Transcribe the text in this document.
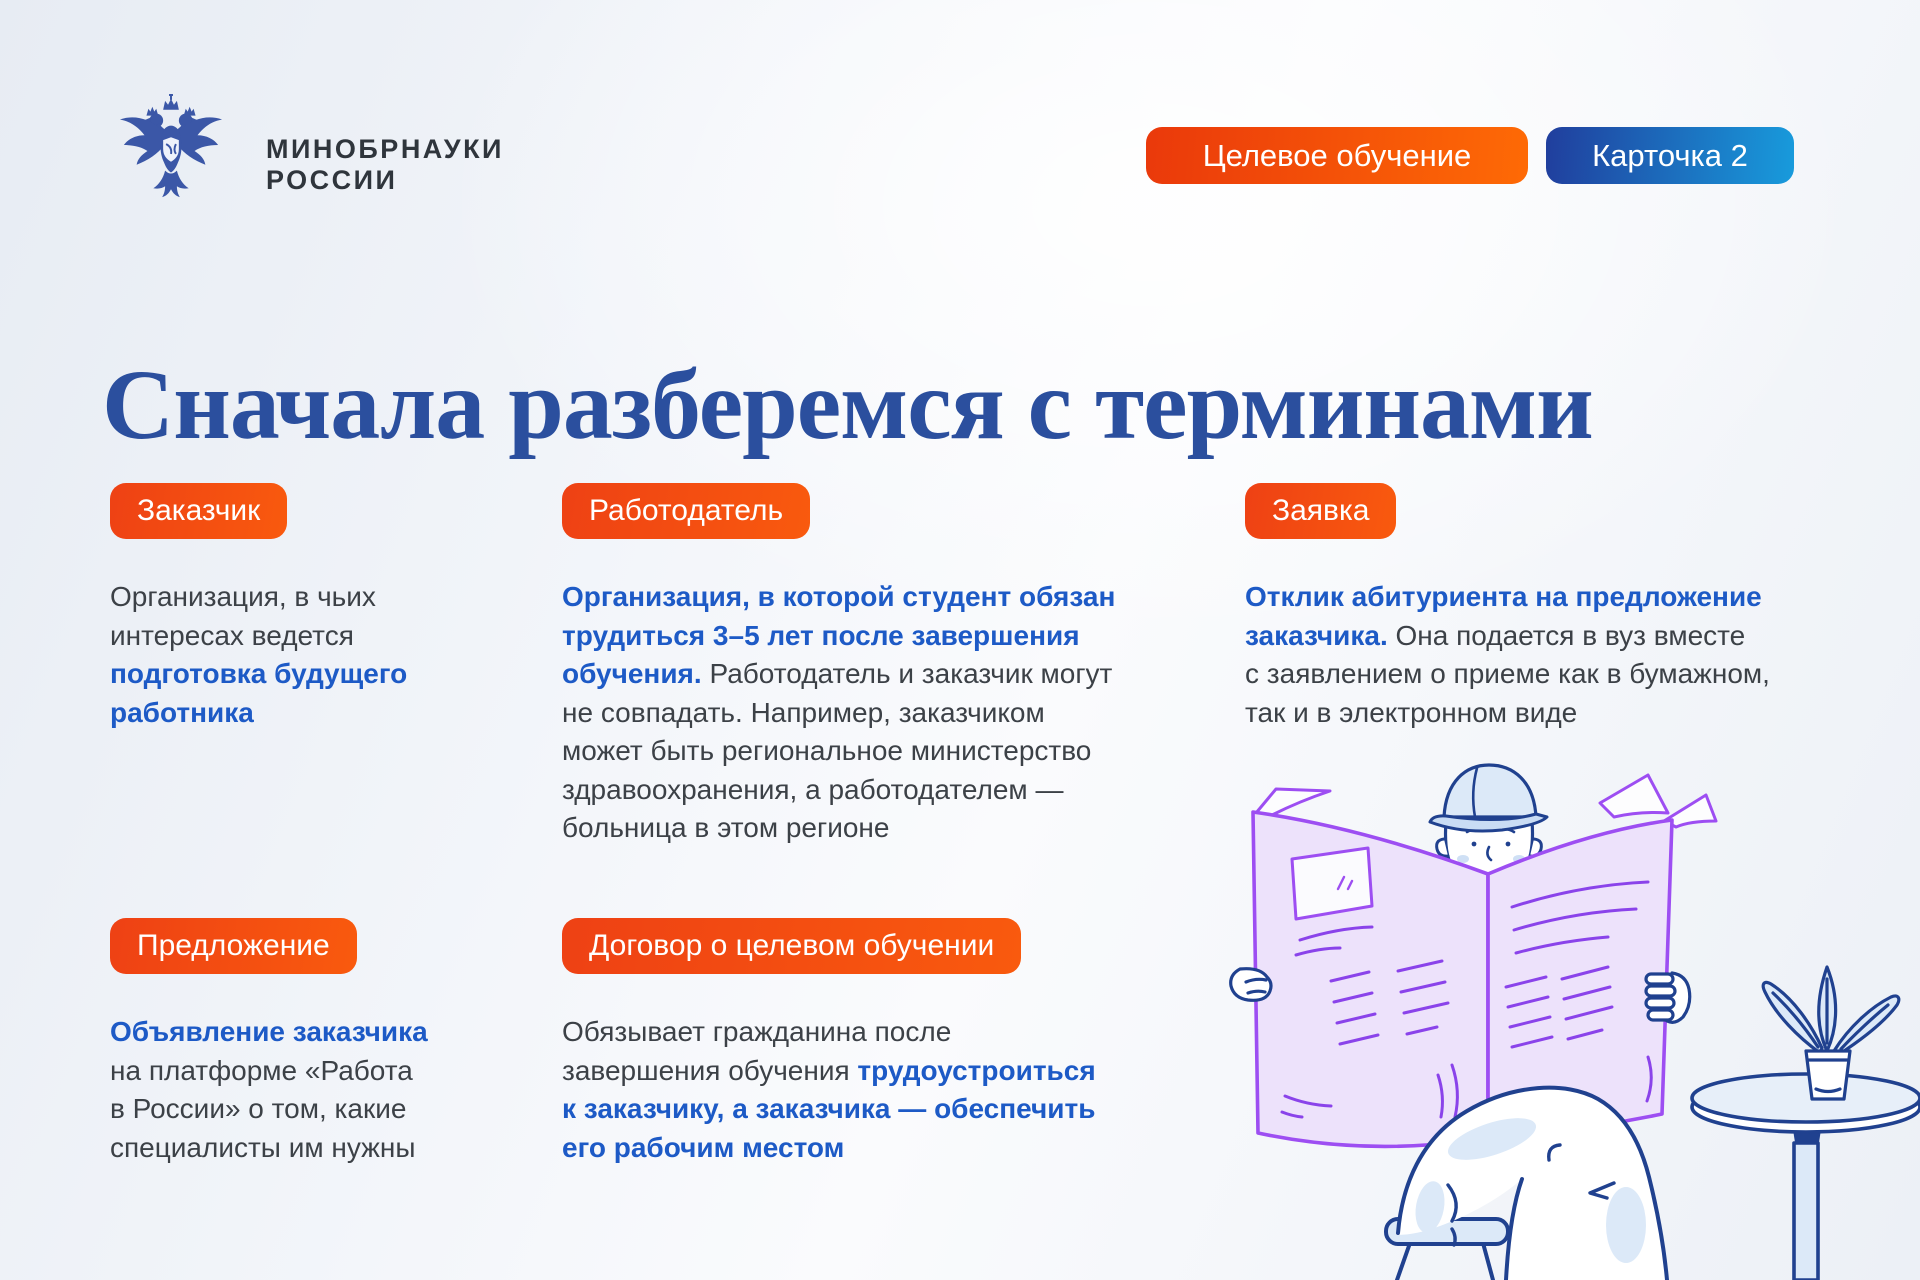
МИНОБРНАУКИ
РОССИИ
Целевое обучение	Карточка 2
Сначала разберемся с терминами
Заказчик
Организация, в чьих
интересах ведется
подготовка будущего
работника
Работодатель
Организация, в которой студент обязан
трудиться 3–5 лет после завершения
обучения. Работодатель и заказчик могут
не совпадать. Например, заказчиком
может быть региональное министерство
здравоохранения, а работодателем —
больница в этом регионе
Заявка
Отклик абитуриента на предложение
заказчика. Она подается в вуз вместе
с заявлением о приеме как в бумажном,
так и в электронном виде
Предложение
Объявление заказчика
на платформе «Работа
в России» о том, какие
специалисты им нужны
Договор о целевом обучении
Обязывает гражданина после
завершения обучения трудоустроиться
к заказчику, а заказчика — обеспечить
его рабочим местом
